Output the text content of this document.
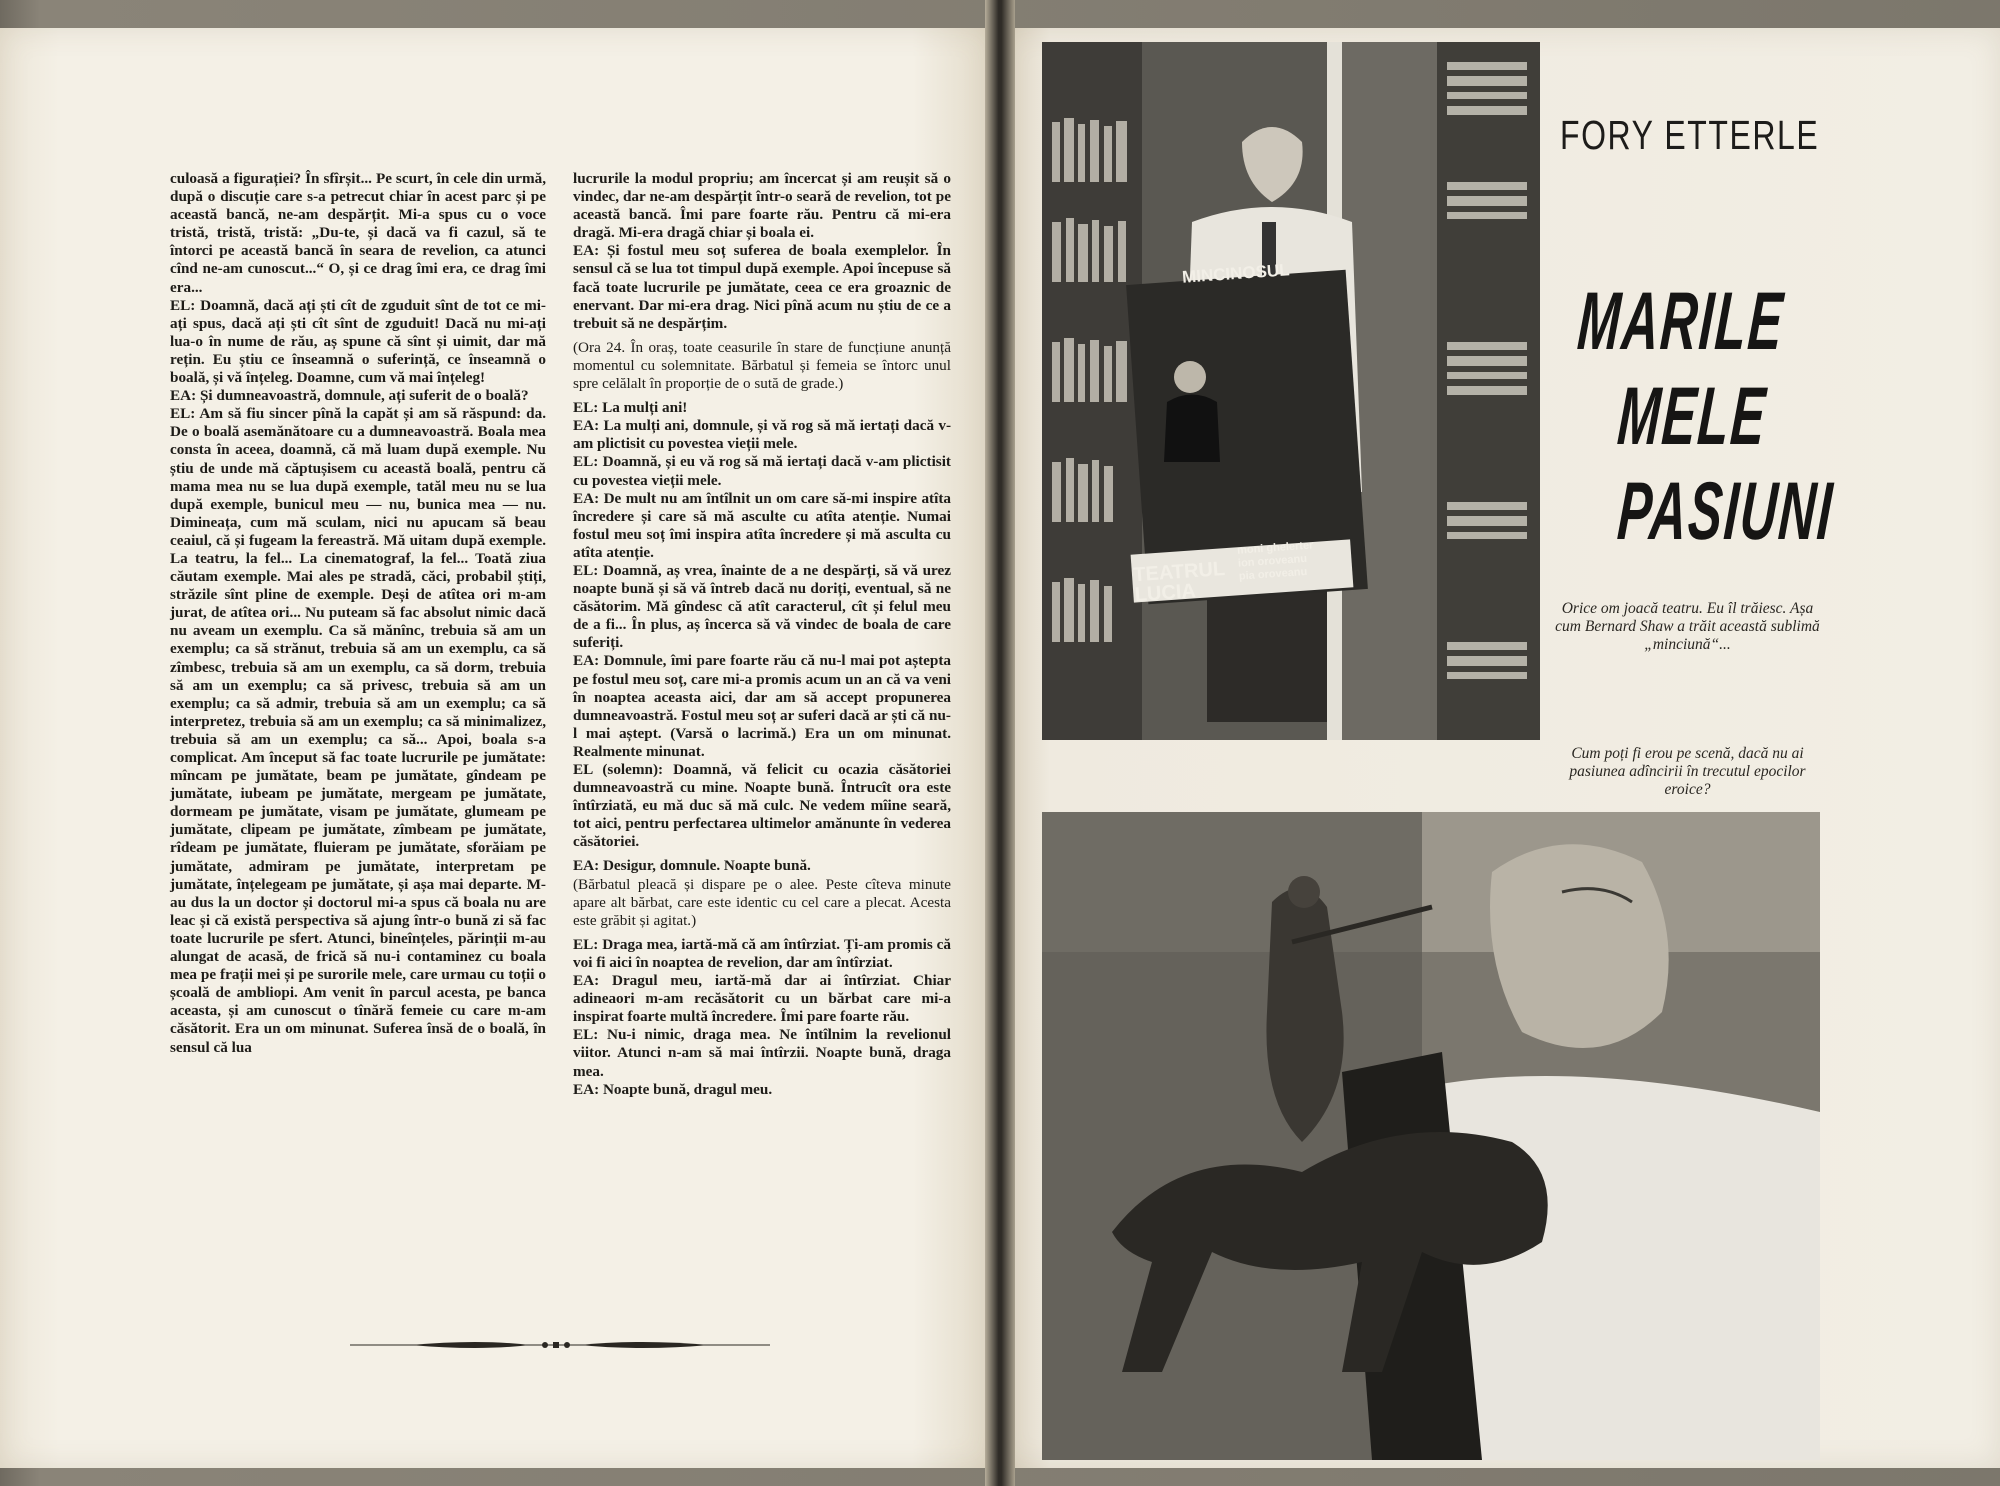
culoasă a figurației? În sfîrșit... Pe scurt, în cele din urmă, după o discuție care s-a petrecut chiar în acest parc și pe această bancă, ne-am despărțit. Mi-a spus cu o voce tristă, tristă, tristă: „Du-te, și dacă va fi cazul, să te întorci pe această bancă în seara de revelion, ca atunci cînd ne-am cunoscut...“ O, și ce drag îmi era, ce drag îmi era...

EL: Doamnă, dacă ați ști cît de zguduit sînt de tot ce mi-ați spus, dacă ați ști cît sînt de zguduit! Dacă nu mi-ați lua-o în nume de rău, aș spune că sînt și uimit, dar mă rețin. Eu știu ce înseamnă o suferință, ce înseamnă o boală, și vă înțeleg. Doamne, cum vă mai înțeleg!

EA: Și dumneavoastră, domnule, ați suferit de o boală?

EL: Am să fiu sincer pînă la capăt și am să răspund: da. De o boală asemănătoare cu a dumneavoastră. Boala mea consta în aceea, doamnă, că mă luam după exemple. Nu știu de unde mă căptușisem cu această boală, pentru că mama mea nu se lua după exemple, tatăl meu nu se lua după exemple, bunicul meu — nu, bunica mea — nu. Dimineața, cum mă sculam, nici nu apucam să beau ceaiul, că și fugeam la fereastră. Mă uitam după exemple. La teatru, la fel... La cinematograf, la fel... Toată ziua căutam exemple. Mai ales pe stradă, căci, probabil știți, străzile sînt pline de exemple. Deși de atîtea ori m-am jurat, de atîtea ori... Nu puteam să fac absolut nimic dacă nu aveam un exemplu. Ca să mănînc, trebuia să am un exemplu; ca să strănut, trebuia să am un exemplu, ca să zîmbesc, trebuia să am un exemplu, ca să dorm, trebuia să am un exemplu; ca să privesc, trebuia să am un exemplu; ca să admir, trebuia să am un exemplu; ca să interpretez, trebuia să am un exemplu; ca să minimalizez, trebuia să am un exemplu; ca să... Apoi, boala s-a complicat. Am început să fac toate lucrurile pe jumătate: mîncam pe jumătate, beam pe jumătate, gîndeam pe jumătate, iubeam pe jumătate, mergeam pe jumătate, dormeam pe jumătate, visam pe jumătate, glumeam pe jumătate, clipeam pe jumătate, zîmbeam pe jumătate, rîdeam pe jumătate, fluieram pe jumătate, sforăiam pe jumătate, admiram pe jumătate, interpretam pe jumătate, înțelegeam pe jumătate, și așa mai departe. M-au dus la un doctor și doctorul mi-a spus că boala nu are leac și că există perspectiva să ajung într-o bună zi să fac toate lucrurile pe sfert. Atunci, bineînțeles, părinții m-au alungat de acasă, de frică să nu-i contaminez cu boala mea pe frații mei și pe surorile mele, care urmau cu toții o școală de ambliopi. Am venit în parcul acesta, pe banca aceasta, și am cunoscut o tînără femeie cu care m-am căsătorit. Era un om minunat. Suferea însă de o boală, în sensul că lua

lucrurile la modul propriu; am încercat și am reușit să o vindec, dar ne-am despărțit într-o seară de revelion, tot pe această bancă. Îmi pare foarte rău. Pentru că mi-era dragă. Mi-era dragă chiar și boala ei.

EA: Și fostul meu soț suferea de boala exemplelor. În sensul că se lua tot timpul după exemple. Apoi începuse să facă toate lucrurile pe jumătate, ceea ce era groaznic de enervant. Dar mi-era drag. Nici pînă acum nu știu de ce a trebuit să ne despărțim.

(Ora 24. În oraș, toate ceasurile în stare de funcțiune anunță momentul cu solemnitate. Bărbatul și femeia se întorc unul spre celălalt în proporție de o sută de grade.)

EL: La mulți ani!

EA: La mulți ani, domnule, și vă rog să mă iertați dacă v-am plictisit cu povestea vieții mele.

EL: Doamnă, și eu vă rog să mă iertați dacă v-am plictisit cu povestea vieții mele.

EA: De mult nu am întîlnit un om care să-mi inspire atîta încredere și care să mă asculte cu atîta atenție. Numai fostul meu soț îmi inspira atîta încredere și mă asculta cu atîta atenție.

EL: Doamnă, aș vrea, înainte de a ne despărți, să vă urez noapte bună și să vă întreb dacă nu doriți, eventual, să ne căsătorim. Mă gîndesc că atît caracterul, cît și felul meu de a fi... În plus, aș încerca să vă vindec de boala de care suferiți.

EA: Domnule, îmi pare foarte rău că nu-l mai pot aștepta pe fostul meu soț, care mi-a promis acum un an că va veni în noaptea aceasta aici, dar am să accept propunerea dumneavoastră. Fostul meu soț ar suferi dacă ar ști că nu-l mai aștept. (Varsă o lacrimă.) Era un om minunat. Realmente minunat.

EL (solemn): Doamnă, vă felicit cu ocazia căsătoriei dumneavoastră cu mine. Noapte bună. Întrucît ora este întîrziată, eu mă duc să mă culc. Ne vedem mîine seară, tot aici, pentru perfectarea ultimelor amănunte în vederea căsătoriei.

EA: Desigur, domnule. Noapte bună.

(Bărbatul pleacă și dispare pe o alee. Peste cîteva minute apare alt bărbat, care este identic cu cel care a plecat. Acesta este grăbit și agitat.)

EL: Draga mea, iartă-mă că am întîrziat. Ți-am promis că voi fi aici în noaptea de revelion, dar am întîrziat.

EA: Dragul meu, iartă-mă dar ai întîrziat. Chiar adineaori m-am recăsătorit cu un bărbat care mi-a inspirat foarte multă încredere. Îmi pare foarte rău.

EL: Nu-i nimic, draga mea. Ne întîlnim la revelionul viitor. Atunci n-am să mai întîrzii. Noapte bună, draga mea.

EA: Noapte bună, dragul meu.

MINCINOSUL
TEATRUL LUCIA
moni ghelerter
ion oroveanu
pia oroveanu
FORY ETTERLE
MARILE
MELE
PASIUNI
Orice om joacă teatru. Eu îl trăiesc. Așa cum Bernard Shaw a trăit această sublimă „minciună“...
Cum poți fi erou pe scenă, dacă nu ai pasiunea adîncirii în trecutul epocilor eroice?
